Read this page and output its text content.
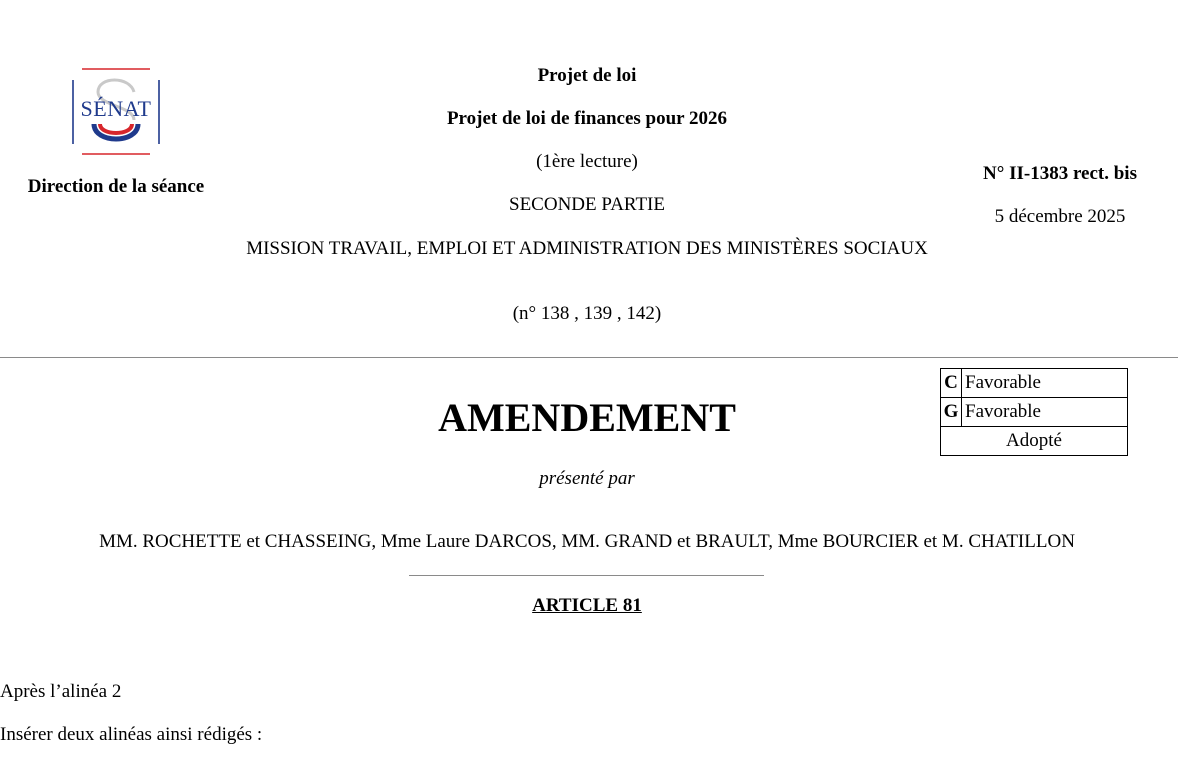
SÉNAT
Direction de la séance
Projet de loi
Projet de loi de finances pour 2026
(1ère lecture)
SECONDE PARTIE
MISSION TRAVAIL, EMPLOI ET ADMINISTRATION DES MINISTÈRES SOCIAUX
(n° 138 , 139 , 142)
N° II-1383 rect. bis
5 décembre 2025
C	Favorable
G	Favorable
Adopté	
AMENDEMENT
présenté par
MM. ROCHETTE et CHASSEING, Mme Laure DARCOS, MM. GRAND et BRAULT, Mme BOURCIER et M. CHATILLON
ARTICLE 81
Après l’alinéa 2
Insérer deux alinéas ainsi rédigés :
